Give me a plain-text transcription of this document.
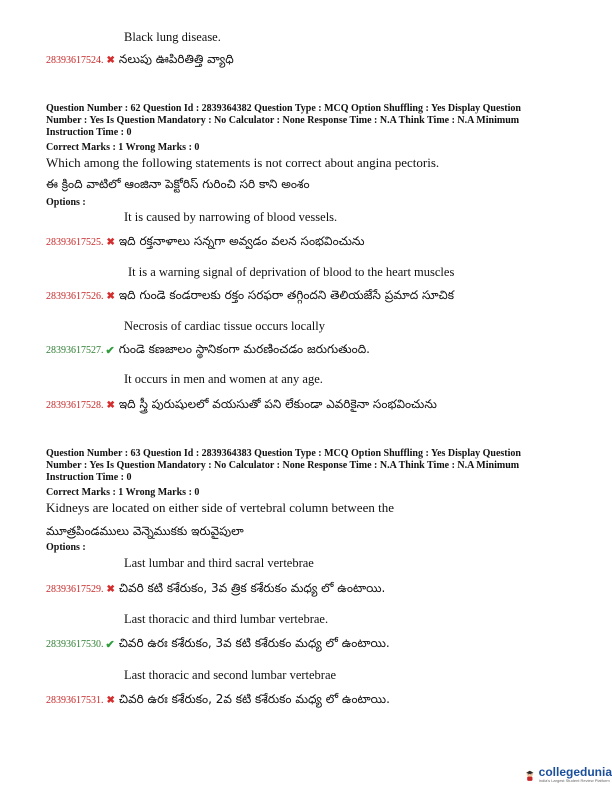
Black lung disease.
28393617524. ✖ నలుపు ఊపిరితిత్తి వ్యాధి
Question Number : 62 Question Id : 2839364382 Question Type : MCQ Option Shuffling : Yes Display Question Number : Yes Is Question Mandatory : No Calculator : None Response Time : N.A Think Time : N.A Minimum Instruction Time : 0
Correct Marks : 1 Wrong Marks : 0
Which among the following statements is not correct about angina pectoris.
ఈ క్రింది వాటిలో ఆంజినా పెక్టోరిస్ గురించి సరి కాని అంశం
Options :
It is caused by narrowing of blood vessels.
28393617525. ✖ ఇది రక్తనాళాలు సన్నగా అవ్వడం వలన సంభవించును
It is a warning signal of deprivation of blood to the heart muscles
28393617526. ✖ ఇది గుండె కండరాలకు రక్తం సరఫరా తగ్గిందని తెలియజేసే ప్రమాద సూచిక
Necrosis of cardiac tissue occurs locally
28393617527. ✔ గుండె కణజాలం స్థానికంగా మరణించడం జరుగుతుంది.
It occurs in men and women at any age.
28393617528. ✖ ఇది స్త్రీ పురుషులలో వయసుతో పని లేకుండా ఎవరికైనా సంభవించును
Question Number : 63 Question Id : 2839364383 Question Type : MCQ Option Shuffling : Yes Display Question Number : Yes Is Question Mandatory : No Calculator : None Response Time : N.A Think Time : N.A Minimum Instruction Time : 0
Correct Marks : 1 Wrong Marks : 0
Kidneys are located on either side of vertebral column between the
మూత్రపిండములు వెన్నెముకకు ఇరువైపులా
Options :
Last lumbar and third sacral vertebrae
28393617529. ✖ చివరి కటి కశేరుకం, 3వ త్రిక కశేరుకం మధ్య లో ఉంటాయి.
Last thoracic and third lumbar vertebrae.
28393617530. ✔ చివరి ఉరః కశేరుకం, 3వ కటి కశేరుకం మధ్య లో ఉంటాయి.
Last thoracic and second lumbar vertebrae
28393617531. ✖ చివరి ఉరః కశేరుకం, 2వ కటి కశేరుకం మధ్య లో ఉంటాయి.
collegedunia
India's Largest Student Review Platform
